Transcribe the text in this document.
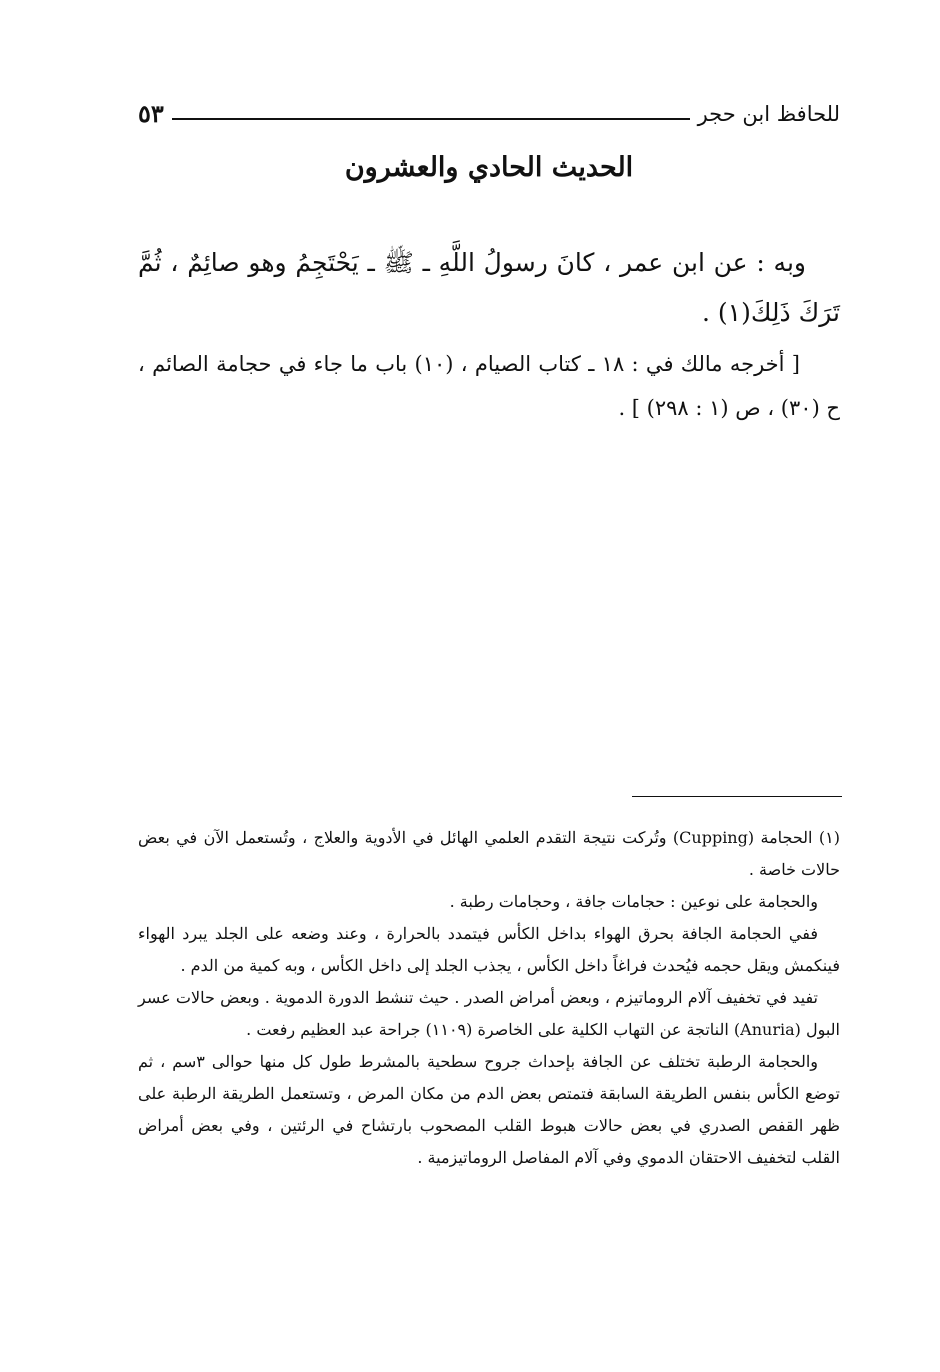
٥٣	للحافظ ابن حجر
الحديث الحادي والعشرون
وبه : عن ابن عمر ، كانَ رسولُ اللَّهِ ـ ﷺ ـ يَحْتَجِمُ وهو صائِمٌ ، ثُمَّ تَرَكَ ذَلِكَ(١) .
[ أخرجه مالك في : ١٨ ـ كتاب الصيام ، (١٠) باب ما جاء في حجامة الصائم ، ح (٣٠) ، ص (١ : ٢٩٨) ] .

(١) الحجامة (Cupping) وتُركت نتيجة التقدم العلمي الهائل في الأدوية والعلاج ، وتُستعمل الآن في بعض حالات خاصة .

والحجامة على نوعين : حجامات جافة ، وحجامات رطبة .

ففي الحجامة الجافة بحرق الهواء بداخل الكأس فيتمدد بالحرارة ، وعند وضعه على الجلد يبرد الهواء فينكمش ويقل حجمه فيُحدث فراغاً داخل الكأس ، يجذب الجلد إلى داخل الكأس ، وبه كمية من الدم .

تفيد في تخفيف آلام الروماتيزم ، وبعض أمراض الصدر . حيث تنشط الدورة الدموية . وبعض حالات عسر البول (Anuria) الناتجة عن التهاب الكلية على الخاصرة (١١٠٩) جراحة عبد العظيم رفعت .

والحجامة الرطبة تختلف عن الجافة بإحداث جروح سطحية بالمشرط طول كل منها حوالى ٣سم ، ثم توضع الكأس بنفس الطريقة السابقة فتمتص بعض الدم من مكان المرض ، وتستعمل الطريقة الرطبة على ظهر القفص الصدري في بعض حالات هبوط القلب المصحوب بارتشاح في الرئتين ، وفي بعض أمراض القلب لتخفيف الاحتقان الدموي وفي آلام المفاصل الروماتيزمية .
